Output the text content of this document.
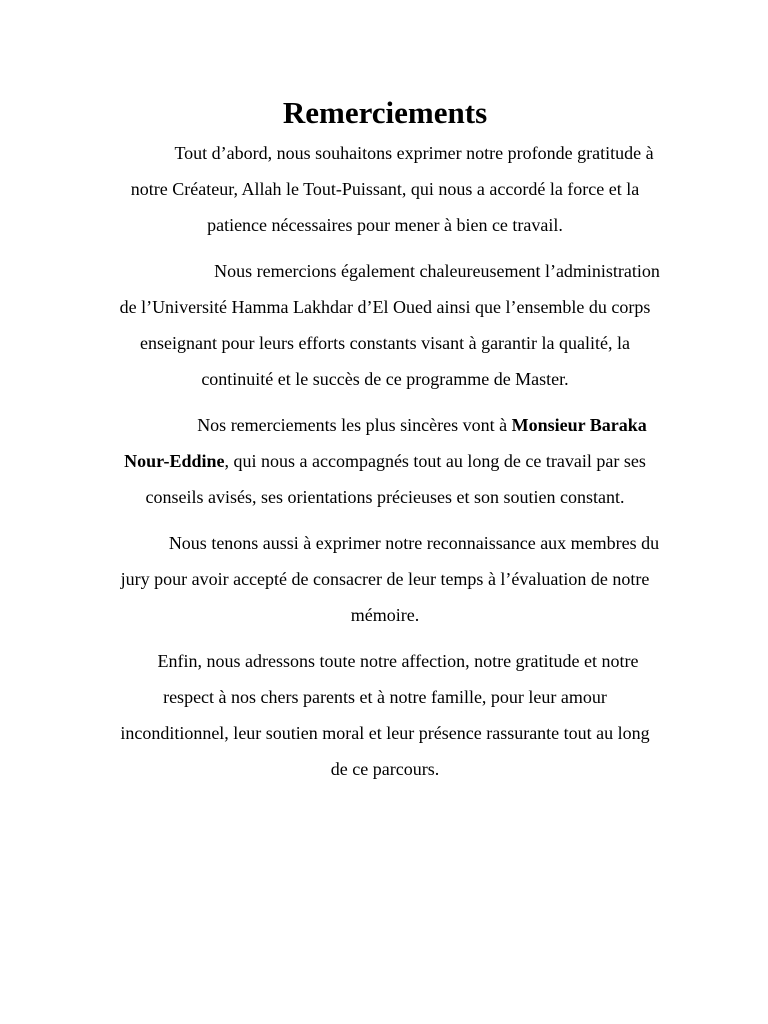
Remerciements

Tout d’abord, nous souhaitons exprimer notre profonde gratitude à notre Créateur, Allah le Tout-Puissant, qui nous a accordé la force et la patience nécessaires pour mener à bien ce travail.

Nous remercions également chaleureusement l’administration de l’Université Hamma Lakhdar d’El Oued ainsi que l’ensemble du corps enseignant pour leurs efforts constants visant à garantir la qualité, la continuité et le succès de ce programme de Master.

Nos remerciements les plus sincères vont à Monsieur Baraka Nour-Eddine, qui nous a accompagnés tout au long de ce travail par ses conseils avisés, ses orientations précieuses et son soutien constant.

Nous tenons aussi à exprimer notre reconnaissance aux membres du jury pour avoir accepté de consacrer de leur temps à l’évaluation de notre mémoire.

Enfin, nous adressons toute notre affection, notre gratitude et notre respect à nos chers parents et à notre famille, pour leur amour inconditionnel, leur soutien moral et leur présence rassurante tout au long de ce parcours.
